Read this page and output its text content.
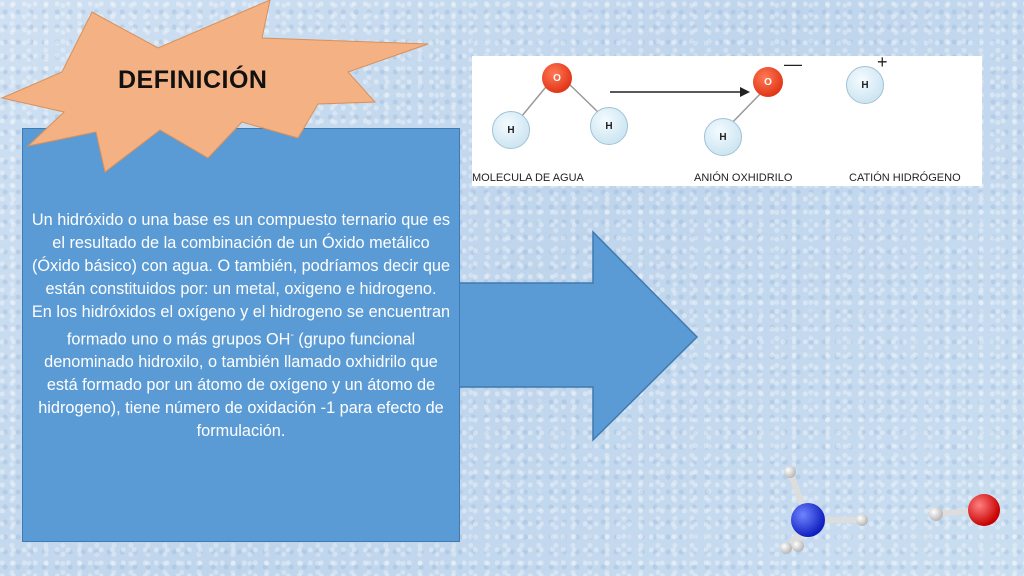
Un hidróxido o una base es un compuesto ternario que es el resultado de la combinación de un Óxido metálico (Óxido básico) con agua. O también, podríamos decir que están constituidos por: un metal, oxigeno e hidrogeno.

En los hidróxidos el oxígeno y el hidrogeno se encuentran formado uno o más grupos OH- (grupo funcional denominado hidroxilo, o también llamado oxhidrilo que está formado por un átomo de oxígeno y un átomo de hidrogeno), tiene número de oxidación -1 para efecto de formulación.

DEFINICIÓN	O
H	H
O
H
—
H
+
MOLECULA DE AGUA	ANIÓN OXHIDRILO	CATIÓN HIDRÓGENO
